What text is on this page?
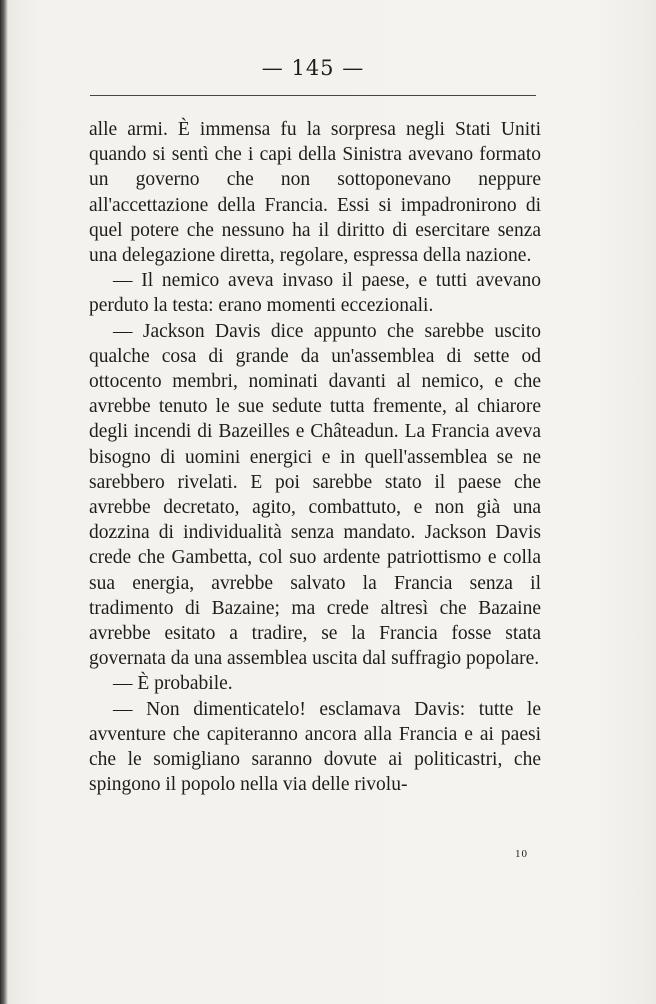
— 145 —

alle armi. È immensa fu la sorpresa negli Stati Uniti quando si sentì che i capi della Sinistra avevano formato un governo che non sottoponevano neppure all'accettazione della Francia. Essi si impadronirono di quel potere che nessuno ha il diritto di esercitare senza una delegazione diretta, regolare, espressa della nazione.

— Il nemico aveva invaso il paese, e tutti avevano perduto la testa: erano momenti eccezionali.

— Jackson Davis dice appunto che sarebbe uscito qualche cosa di grande da un'assemblea di sette od ottocento membri, nominati davanti al nemico, e che avrebbe tenuto le sue sedute tutta fremente, al chiarore degli incendi di Bazeilles e Châteadun. La Francia aveva bisogno di uomini energici e in quell'assemblea se ne sarebbero rivelati. E poi sarebbe stato il paese che avrebbe decretato, agito, combattuto, e non già una dozzina di individualità senza mandato. Jackson Davis crede che Gambetta, col suo ardente patriottismo e colla sua energia, avrebbe salvato la Francia senza il tradimento di Bazaine; ma crede altresì che Bazaine avrebbe esitato a tradire, se la Francia fosse stata governata da una assemblea uscita dal suffragio popolare.

— È probabile.

— Non dimenticatelo! esclamava Davis: tutte le avventure che capiteranno ancora alla Francia e ai paesi che le somigliano saranno dovute ai politicastri, che spingono il popolo nella via delle rivolu-

10
